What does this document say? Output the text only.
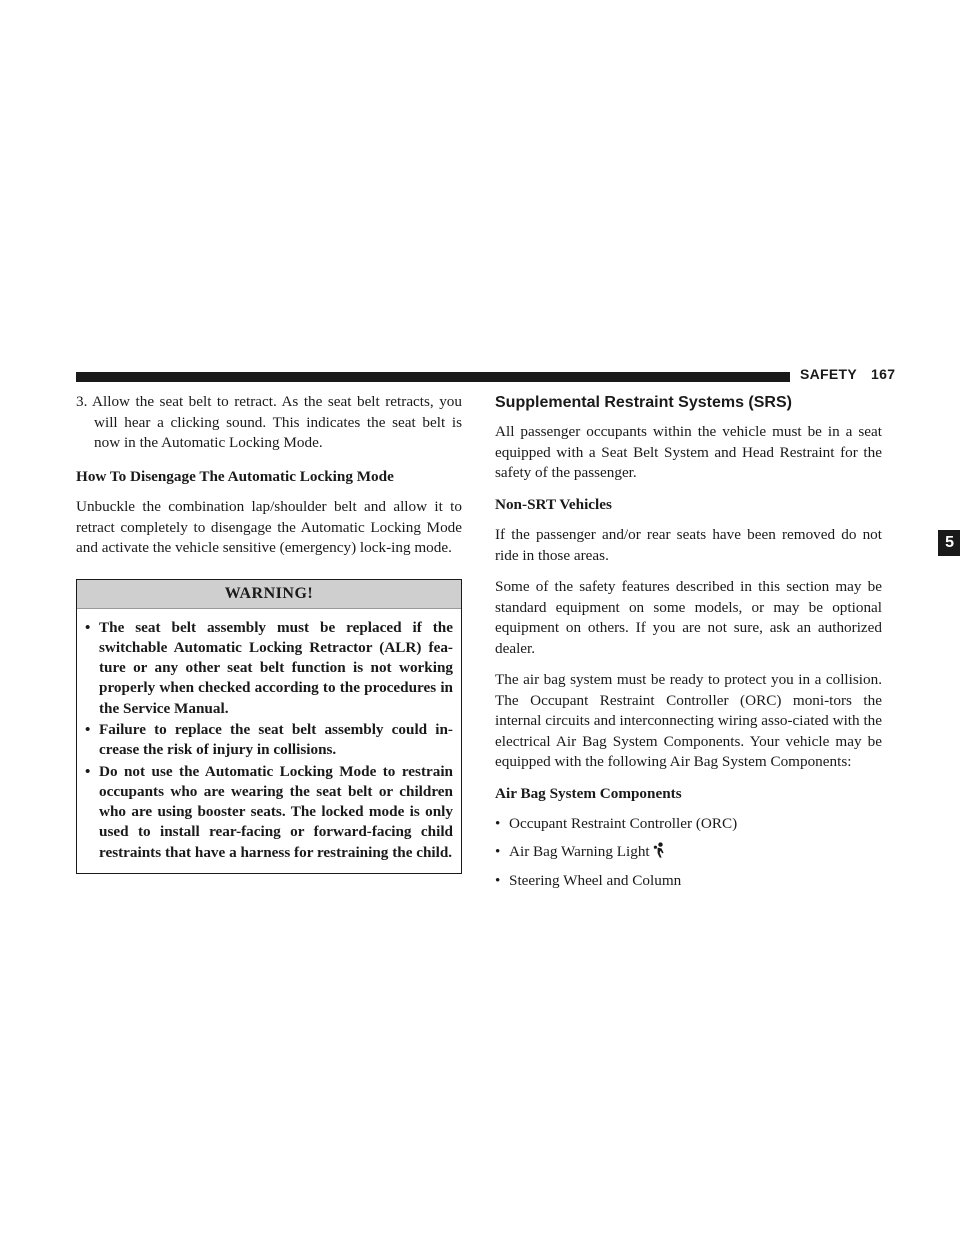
SAFETY 167
5

3. Allow the seat belt to retract. As the seat belt retracts, you will hear a clicking sound. This indicates the seat belt is now in the Automatic Locking Mode.

How To Disengage The Automatic Locking Mode

Unbuckle the combination lap/shoulder belt and allow it to retract completely to disengage the Automatic Locking Mode and activate the vehicle sensitive (emergency) lock-ing mode.

WARNING!
• The seat belt assembly must be replaced if the switchable Automatic Locking Retractor (ALR) fea-ture or any other seat belt function is not working properly when checked according to the procedures in the Service Manual.
• Failure to replace the seat belt assembly could in-crease the risk of injury in collisions.
• Do not use the Automatic Locking Mode to restrain occupants who are wearing the seat belt or children who are using booster seats. The locked mode is only used to install rear-facing or forward-facing child restraints that have a harness for restraining the child.
Supplemental Restraint Systems (SRS)

All passenger occupants within the vehicle must be in a seat equipped with a Seat Belt System and Head Restraint for the safety of the passenger.

Non-SRT Vehicles

If the passenger and/or rear seats have been removed do not ride in those areas.

Some of the safety features described in this section may be standard equipment on some models, or may be optional equipment on others. If you are not sure, ask an authorized dealer.

The air bag system must be ready to protect you in a collision. The Occupant Restraint Controller (ORC) moni-tors the internal circuits and interconnecting wiring asso-ciated with the electrical Air Bag System Components. Your vehicle may be equipped with the following Air Bag System Components:

Air Bag System Components

• Occupant Restraint Controller (ORC)
• Air Bag Warning Light
• Steering Wheel and Column
